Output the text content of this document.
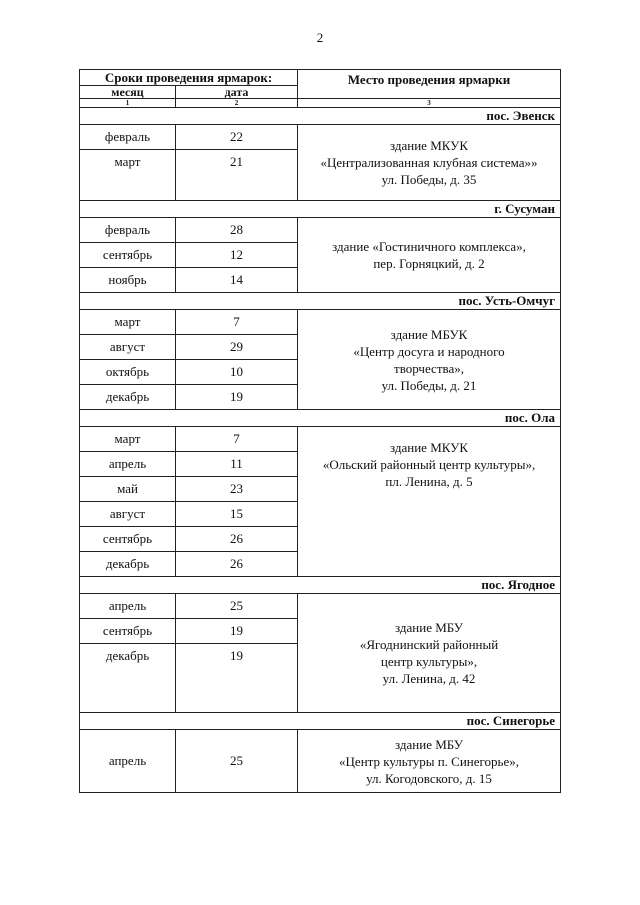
2
Сроки проведения ярмарок:		Место проведения ярмарки
месяц	дата	
1	2	3
пос. Эвенск		
февраль	22	здание МКУК
«Централизованная клубная система»»
ул. Победы, д. 35

март	21	

г. Сусуман		
февраль	28	здание «Гостиничного комплекса»,
пер. Горняцкий, д. 2

сентябрь	12	
ноябрь	14	
пос. Усть-Омчуг		
март	7	здание МБУК
«Центр досуга и народного
творчества»,
ул. Победы, д. 21

август	29	
октябрь	10	
декабрь	19	
пос. Ола		
март	7	здание МКУК
«Ольский районный центр культуры»,
пл. Ленина, д. 5

апрель	11	
май	23	
август	15	
сентябрь	26	
декабрь	26	
пос. Ягодное		
апрель	25	здание МБУ
«Ягоднинский районный
центр культуры»,
ул. Ленина, д. 42

сентябрь	19	
декабрь	19	

пос. Синегорье		
апрель	25	здание МБУ
«Центр культуры п. Синегорье»,
ул. Когодовского, д. 15
